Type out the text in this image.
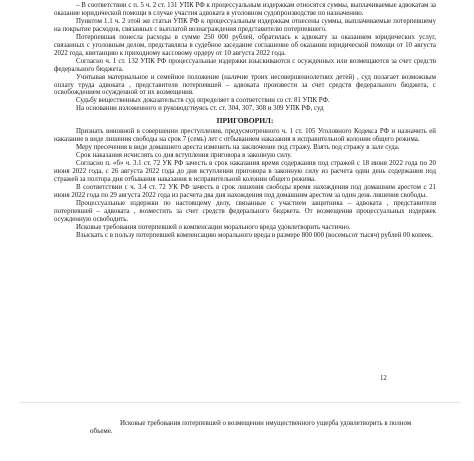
– В соответствии с п. 5 ч. 2 ст. 131 УПК РФ к процессуальным издержкам относятся суммы, выплачиваемые адвокатам за оказание юридической помощи в случае участия адвоката в уголовном судопроизводстве по назначению.

Пунктом 1.1 ч. 2 этой же статьи УПК РФ к процессуальным издержкам отнесены суммы, выплачиваемые потерпевшему на покрытие расходов, связанных с выплатой вознаграждения представителю потерпевшего.

Потерпевшая понесла расходы в сумме 250 000 рублей, обратилась к адвокату за оказанием юридических услуг, связанных с уголовным делом, представляла в судебное заседание соглашение об оказании юридической помощи от 10 августа 2022 года, квитанцию к приходному кассовому ордеру от 10 августа 2022 года.

Согласно ч. 1 ст. 132 УПК РФ процессуальные издержки взыскиваются с осужденных или возмещаются за счет средств федерального бюджета.

Учитывая материальное и семейное положение (наличие троих несовершеннолетних детей) , суд полагает возможным оплату труда адвоката , представителя потерпевшей – адвоката произвести за счет средств федерального бюджета, с освобождением осужденной от их возмещения.

Судьбу вещественных доказательств суд определяет в соответствии со ст. 81 УПК РФ.

На основании изложенного и руководствуясь ст. ст. 304, 307, 308 и 309 УПК РФ, суд

ПРИГОВОРИЛ:

Признать виновной в совершении преступления, предусмотренного ч. 1 ст. 105 Уголовного Кодекса РФ и назначить ей наказание в виде лишения свободы на срок 7 (семь) лет с отбыванием наказания в исправительной колонии общего режима.

Меру пресечения в виде домашнего ареста изменить на заключение под стражу. Взять под стражу в зале суда.

Срок наказания исчислять со дня вступления приговора в законную силу.

Согласно п. «б» ч. 3.1 ст. 72 УК РФ зачесть в срок наказания время содержания под стражей с 18 июня 2022 года по 20 июня 2022 года, с 26 августа 2022 года до дня вступления приговора в законную силу из расчета один день содержания под стражей за полтора дня отбывания наказания в исправительной колонии общего режима.

В соответствии с ч. 3.4 ст. 72 УК РФ зачесть в срок лишения свободы время нахождения под домашним арестом с 21 июня 2022 года по 29 августа 2022 года из расчета два дня нахождения под домашним арестом за один день лишения свободы.

Процессуальные издержки по настоящему делу, связанные с участием защитника – адвоката , представителя потерпевшей – адвоката , возместить за счет средств федерального бюджета. От возмещения процессуальных издержек осужденную освободить.

Исковые требования потерпевшей о компенсации морального вреда удовлетворить частично.

Взыскать с в пользу потерпевшей компенсацию морального вреда в размере 800 000 (восемьсот тысяч) рублей 00 копеек.

12

Исковые требования потерпевшей о возмещении имущественного ущерба удовлетворить в полном объеме.
